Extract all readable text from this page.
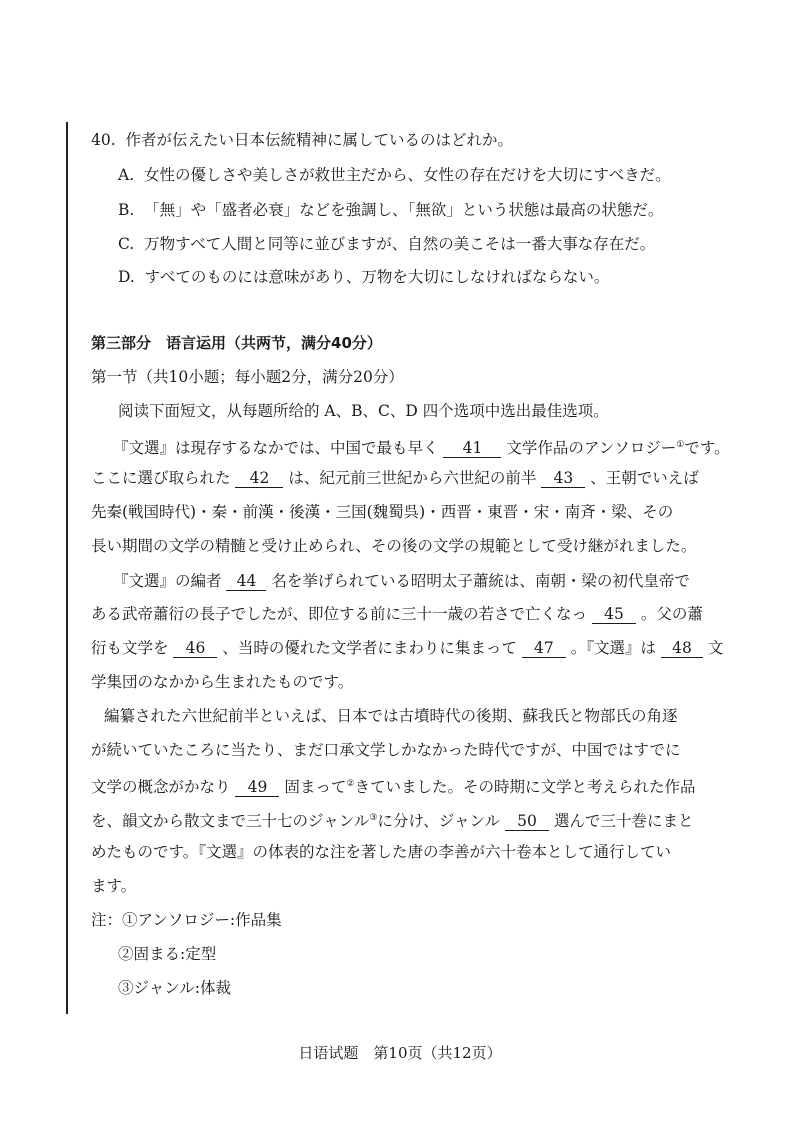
40.  作者が伝えたい日本伝統精神に属しているのはどれか。
A.  女性の優しさや美しさが救世主だから、女性の存在だけを大切にすべきだ。
B.  「無」や「盛者必衰」などを強調し、「無欲」という状態は最高の状態だ。
C.  万物すべて人間と同等に並びますが、自然の美こそは一番大事な存在だ。
D.  すべてのものには意味があり、万物を大切にしなければならない。
第三部分　语言运用（共两节，满分40分）
第一节（共10小题；每小题2分，满分20分）
阅读下面短文，从每题所给的 A、B、C、D 四个选项中选出最佳选项。
『文選』は現存するなかでは、中国で最も早く 41 文学作品のアンソロジー①です。
ここに選び取られた 42 は、紀元前三世紀から六世紀の前半 43 、王朝でいえば
先秦(戦国時代)・秦・前漢・後漢・三国(魏蜀呉)・西晋・東晋・宋・南斉・梁、その
長い期間の文学の精髄と受け止められ、その後の文学の規範として受け継がれました。
『文選』の編者 44 名を挙げられている昭明太子蕭統は、南朝・梁の初代皇帝で
ある武帝蕭衍の長子でしたが、即位する前に三十一歳の若さで亡くなっ 45 。父の蕭
衍も文学を 46 、当時の優れた文学者にまわりに集まって 47 。『文選』は 48 文
学集団のなかから生まれたものです。
編纂された六世紀前半といえば、日本では古墳時代の後期、蘇我氏と物部氏の角逐
が続いていたころに当たり、まだ口承文学しかなかった時代ですが、中国ではすでに
文学の概念がかなり 49 固まって②きていました。その時期に文学と考えられた作品
を、韻文から散文まで三十七のジャンル③に分け、ジャンル 50 選んで三十巻にまと
めたものです。『文選』の体表的な注を著した唐の李善が六十卷本として通行してい
ます。
注：①アンソロジー:作品集
②固まる:定型
③ジャンル:体裁
日语试题　第10页（共12页）
